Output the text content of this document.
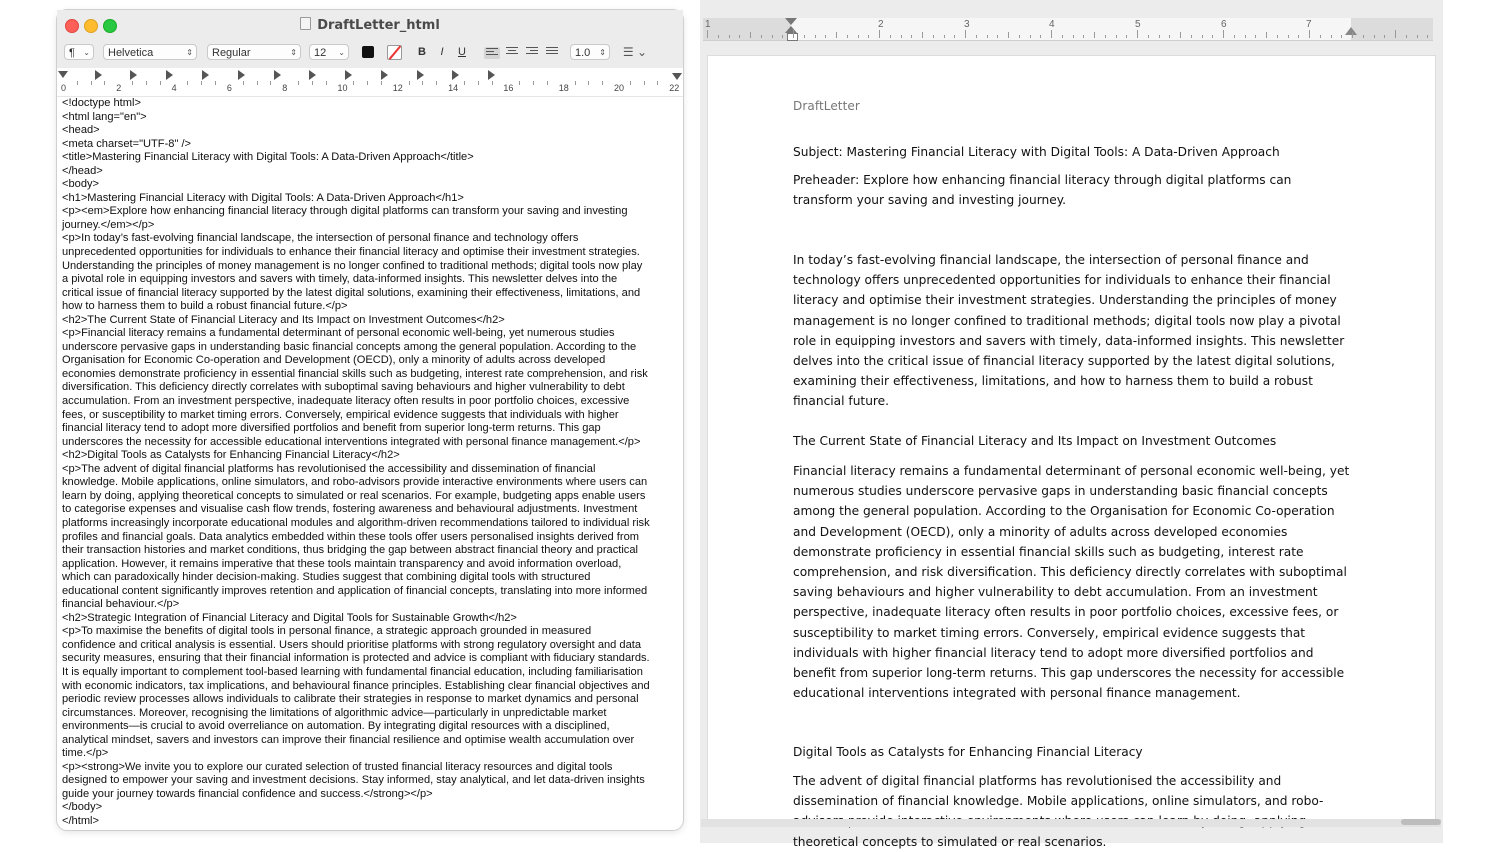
DraftLetter_html
¶ ⌄	Helvetica	⇕	Regular	⇕	12 ⌄	B	I	U	1.0 ⇕ ☰ ⌄
0	2	4	6	8	10	12	14	16	18	20	22
<!doctype html>
<html lang="en">
<head>
<meta charset="UTF-8" />
<title>Mastering Financial Literacy with Digital Tools: A Data-Driven Approach</title>
</head>
<body>
<h1>Mastering Financial Literacy with Digital Tools: A Data-Driven Approach</h1>
<p><em>Explore how enhancing financial literacy through digital platforms can transform your saving and investing
journey.</em></p>
<p>In today’s fast-evolving financial landscape, the intersection of personal finance and technology offers
unprecedented opportunities for individuals to enhance their financial literacy and optimise their investment strategies.
Understanding the principles of money management is no longer confined to traditional methods; digital tools now play
a pivotal role in equipping investors and savers with timely, data-informed insights. This newsletter delves into the
critical issue of financial literacy supported by the latest digital solutions, examining their effectiveness, limitations, and
how to harness them to build a robust financial future.</p>
<h2>The Current State of Financial Literacy and Its Impact on Investment Outcomes</h2>
<p>Financial literacy remains a fundamental determinant of personal economic well-being, yet numerous studies
underscore pervasive gaps in understanding basic financial concepts among the general population. According to the
Organisation for Economic Co-operation and Development (OECD), only a minority of adults across developed
economies demonstrate proficiency in essential financial skills such as budgeting, interest rate comprehension, and risk
diversification. This deficiency directly correlates with suboptimal saving behaviours and higher vulnerability to debt
accumulation. From an investment perspective, inadequate literacy often results in poor portfolio choices, excessive
fees, or susceptibility to market timing errors. Conversely, empirical evidence suggests that individuals with higher
financial literacy tend to adopt more diversified portfolios and benefit from superior long-term returns. This gap
underscores the necessity for accessible educational interventions integrated with personal finance management.</p>
<h2>Digital Tools as Catalysts for Enhancing Financial Literacy</h2>
<p>The advent of digital financial platforms has revolutionised the accessibility and dissemination of financial
knowledge. Mobile applications, online simulators, and robo-advisors provide interactive environments where users can
learn by doing, applying theoretical concepts to simulated or real scenarios. For example, budgeting apps enable users
to categorise expenses and visualise cash flow trends, fostering awareness and behavioural adjustments. Investment
platforms increasingly incorporate educational modules and algorithm-driven recommendations tailored to individual risk
profiles and financial goals. Data analytics embedded within these tools offer users personalised insights derived from
their transaction histories and market conditions, thus bridging the gap between abstract financial theory and practical
application. However, it remains imperative that these tools maintain transparency and avoid information overload,
which can paradoxically hinder decision-making. Studies suggest that combining digital tools with structured
educational content significantly improves retention and application of financial concepts, translating into more informed
financial behaviour.</p>
<h2>Strategic Integration of Financial Literacy and Digital Tools for Sustainable Growth</h2>
<p>To maximise the benefits of digital tools in personal finance, a strategic approach grounded in measured
confidence and critical analysis is essential. Users should prioritise platforms with strong regulatory oversight and data
security measures, ensuring that their financial information is protected and advice is compliant with fiduciary standards.
It is equally important to complement tool-based learning with fundamental financial education, including familiarisation
with economic indicators, tax implications, and behavioural finance principles. Establishing clear financial objectives and
periodic review processes allows individuals to calibrate their strategies in response to market dynamics and personal
circumstances. Moreover, recognising the limitations of algorithmic advice—particularly in unpredictable market
environments—is crucial to avoid overreliance on automation. By integrating digital resources with a disciplined,
analytical mindset, savers and investors can improve their financial resilience and optimise wealth accumulation over
time.</p>
<p><strong>We invite you to explore our curated selection of trusted financial literacy resources and digital tools
designed to empower your saving and investment decisions. Stay informed, stay analytical, and let data-driven insights
guide your journey towards financial confidence and success.</strong></p>
</body>
</html>
1	2	3	4	5	6	7
DraftLetter
Subject: Mastering Financial Literacy with Digital Tools: A Data-Driven Approach
Preheader: Explore how enhancing financial literacy through digital platforms can transform your saving and investing journey.
In today’s fast-evolving financial landscape, the intersection of personal finance and technology offers unprecedented opportunities for individuals to enhance their financial literacy and optimise their investment strategies. Understanding the principles of money management is no longer confined to traditional methods; digital tools now play a pivotal role in equipping investors and savers with timely, data-informed insights. This newsletter delves into the critical issue of financial literacy supported by the latest digital solutions, examining their effectiveness, limitations, and how to harness them to build a robust financial future.
The Current State of Financial Literacy and Its Impact on Investment Outcomes
Financial literacy remains a fundamental determinant of personal economic well-being, yet numerous studies underscore pervasive gaps in understanding basic financial concepts among the general population. According to the Organisation for Economic Co-operation and Development (OECD), only a minority of adults across developed economies demonstrate proficiency in essential financial skills such as budgeting, interest rate comprehension, and risk diversification. This deficiency directly correlates with suboptimal saving behaviours and higher vulnerability to debt accumulation. From an investment perspective, inadequate literacy often results in poor portfolio choices, excessive fees, or susceptibility to market timing errors. Conversely, empirical evidence suggests that individuals with higher financial literacy tend to adopt more diversified portfolios and benefit from superior long-term returns. This gap underscores the necessity for accessible educational interventions integrated with personal finance management.
Digital Tools as Catalysts for Enhancing Financial Literacy
The advent of digital financial platforms has revolutionised the accessibility and dissemination of financial knowledge. Mobile applications, online simulators, and robo- theoretical concepts to simulated or real scenarios.
